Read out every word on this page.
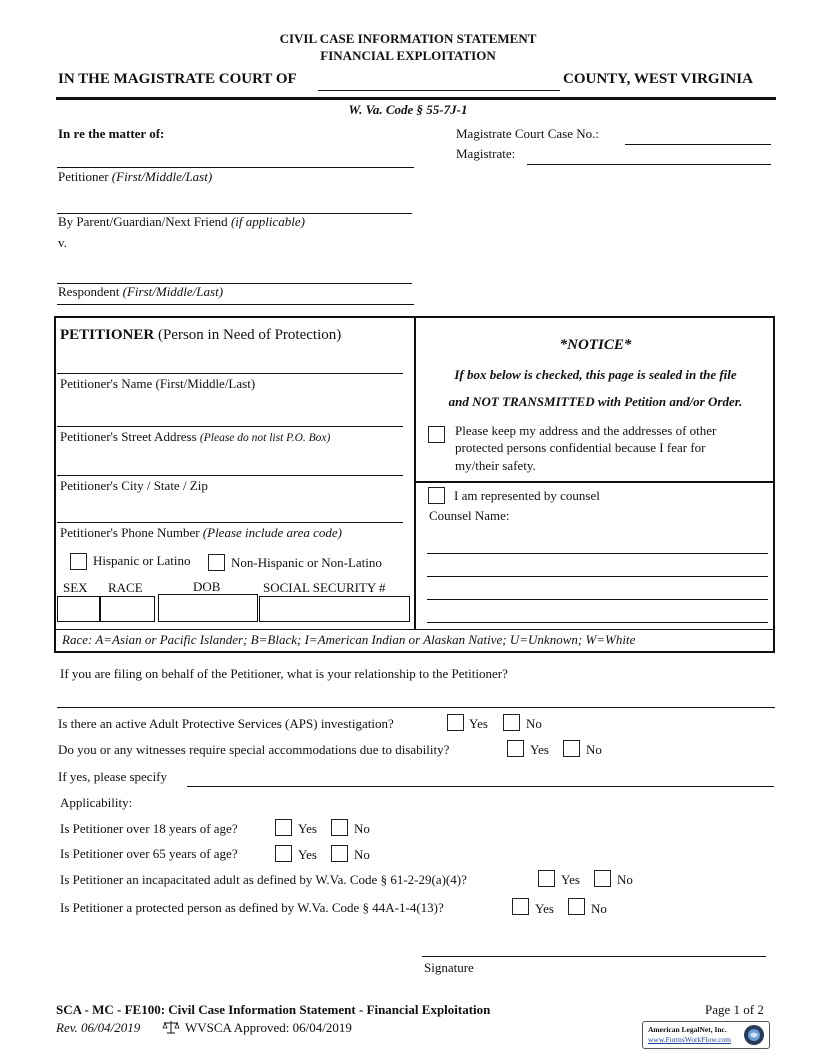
CIVIL CASE INFORMATION STATEMENT
FINANCIAL EXPLOITATION
IN THE MAGISTRATE COURT OF	COUNTY, WEST VIRGINIA
W. Va. Code § 55-7J-1
In re the matter of:	Magistrate Court Case No.:
Magistrate:
Petitioner (First/Middle/Last)
By Parent/Guardian/Next Friend (if applicable)
v.
Respondent (First/Middle/Last)
PETITIONER (Person in Need of Protection)
Petitioner's Name (First/Middle/Last)
Petitioner's Street Address (Please do not list P.O. Box)
Petitioner's City / State / Zip
Petitioner's Phone Number (Please include area code)
Hispanic or Latino	Non-Hispanic or Non-Latino
SEX RACE	DOB	SOCIAL SECURITY #
Race: A=Asian or Pacific Islander; B=Black; I=American Indian or Alaskan Native; U=Unknown; W=White
*NOTICE*
If box below is checked, this page is sealed in the file
and NOT TRANSMITTED with Petition and/or Order.
Please keep my address and the addresses of other
protected persons confidential because I fear for
my/their safety.
I am represented by counsel
Counsel Name:
If you are filing on behalf of the Petitioner, what is your relationship to the Petitioner?
Is there an active Adult Protective Services (APS) investigation?	Yes	No
Do you or any witnesses require special accommodations due to disability?	Yes	No
If yes, please specify
Applicability:
Is Petitioner over 18 years of age?	Yes	No
Is Petitioner over 65 years of age?	Yes	No
Is Petitioner an incapacitated adult as defined by W.Va. Code § 61-2-29(a)(4)?	Yes	No
Is Petitioner a protected person as defined by W.Va. Code § 44A-1-4(13)?	Yes	No
Signature
SCA - MC - FE100: Civil Case Information Statement - Financial Exploitation	Page 1 of 2
Rev. 06/04/2019	WVSCA Approved: 06/04/2019	American LegalNet, Inc.
www.FormsWorkFlow.com
